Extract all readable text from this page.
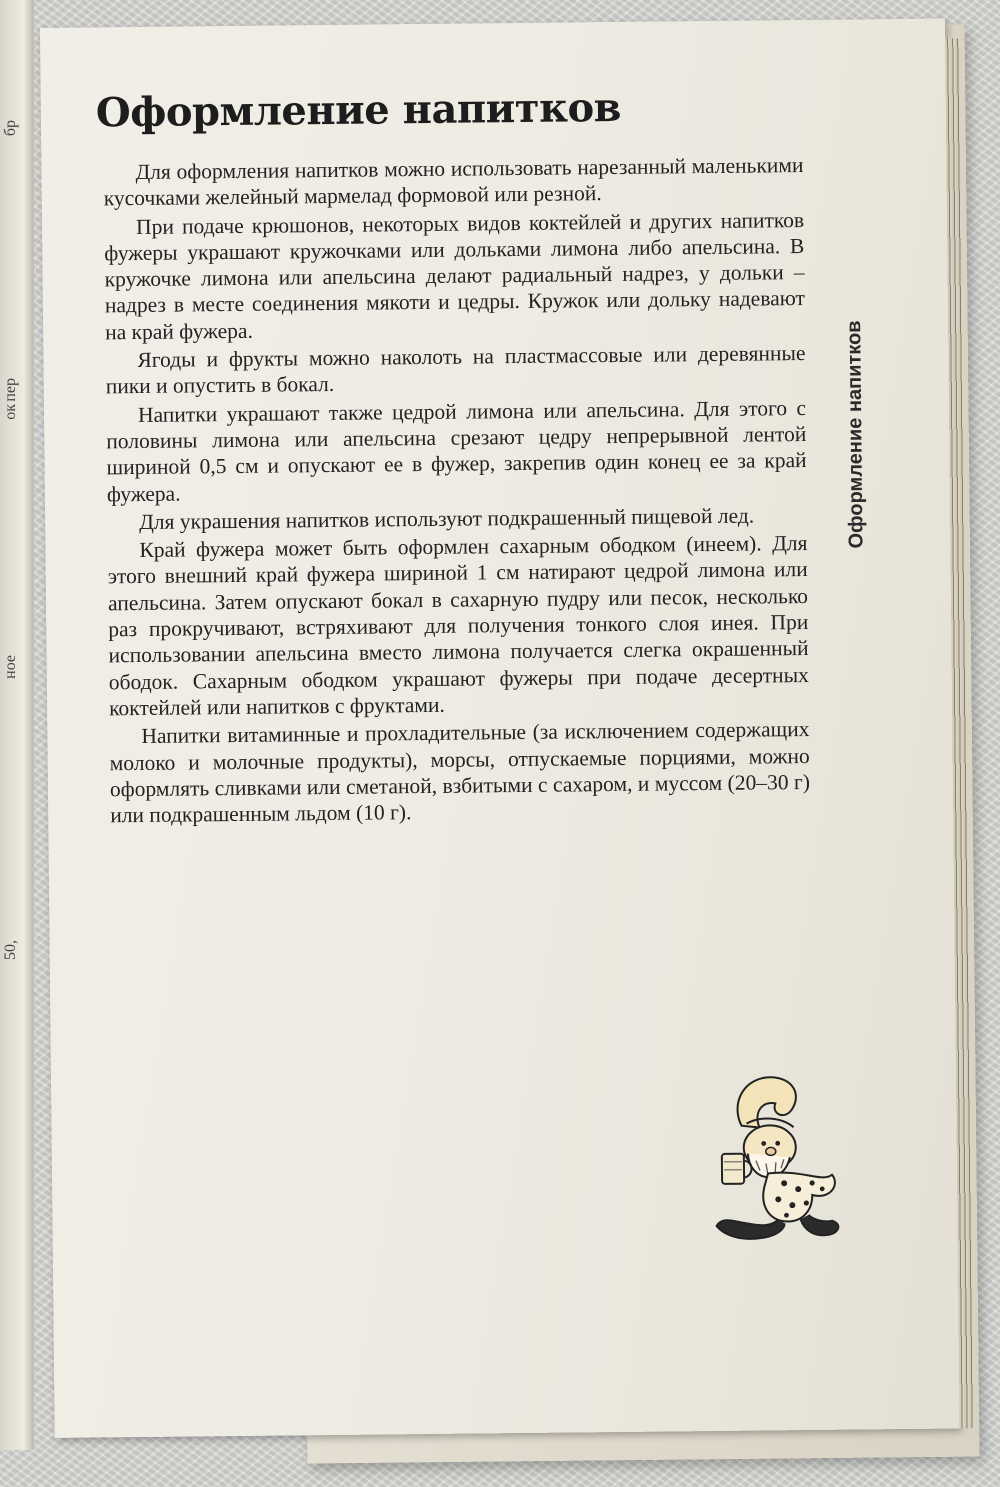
бр
пер
ок
ное
50,
Оформление напитков

Для оформления напитков можно использовать нарезанный маленькими кусочками желейный мармелад формовой или резной.

При подаче крюшонов, некоторых видов коктейлей и других напитков фужеры украшают кружочками или дольками лимона либо апельсина. В кружочке лимона или апельсина делают радиальный надрез, у дольки – надрез в месте соединения мякоти и цедры. Кружок или дольку надевают на край фужера.

Ягоды и фрукты можно наколоть на пластмассовые или деревянные пики и опустить в бокал.

Напитки украшают также цедрой лимона или апельсина. Для этого с половины лимона или апельсина срезают цедру непрерывной лентой шириной 0,5 см и опускают ее в фужер, закрепив один конец ее за край фужера.

Для украшения напитков используют подкрашенный пищевой лед.

Край фужера может быть оформлен сахарным ободком (инеем). Для этого внешний край фужера шириной 1 см натирают цедрой лимона или апельсина. Затем опускают бокал в сахарную пудру или песок, несколько раз прокручивают, встряхивают для получения тонкого слоя инея. При использовании апельсина вместо лимона получается слегка окрашенный ободок. Сахарным ободком украшают фужеры при подаче десертных коктейлей или напитков с фруктами.

Напитки витаминные и прохладительные (за исключением содержащих молоко и молочные продукты), морсы, отпускаемые порциями, можно оформлять сливками или сметаной, взбитыми с сахаром, и муссом (20–30 г) или подкрашенным льдом (10 г).

Оформление напитков
